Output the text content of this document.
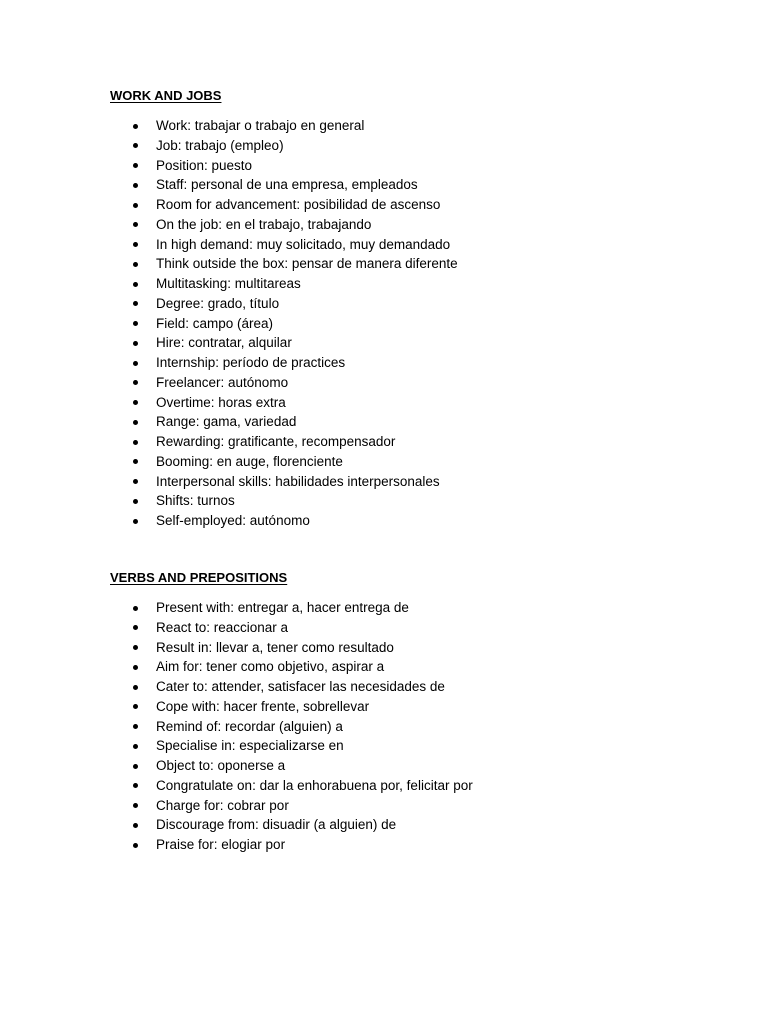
WORK AND JOBS
Work: trabajar o trabajo en general
Job: trabajo (empleo)
Position: puesto
Staff: personal de una empresa, empleados
Room for advancement: posibilidad de ascenso
On the job: en el trabajo, trabajando
In high demand: muy solicitado, muy demandado
Think outside the box: pensar de manera diferente
Multitasking: multitareas
Degree: grado, título
Field: campo (área)
Hire: contratar, alquilar
Internship: período de practices
Freelancer: autónomo
Overtime: horas extra
Range: gama, variedad
Rewarding: gratificante, recompensador
Booming: en auge, florenciente
Interpersonal skills: habilidades interpersonales
Shifts: turnos
Self-employed: autónomo
VERBS AND PREPOSITIONS
Present with: entregar a, hacer entrega de
React to: reaccionar a
Result in: llevar a, tener como resultado
Aim for: tener como objetivo, aspirar a
Cater to: attender, satisfacer las necesidades de
Cope with: hacer frente, sobrellevar
Remind of: recordar (alguien) a
Specialise in: especializarse en
Object to: oponerse a
Congratulate on: dar la enhorabuena por, felicitar por
Charge for: cobrar por
Discourage from: disuadir (a alguien) de
Praise for: elogiar por
